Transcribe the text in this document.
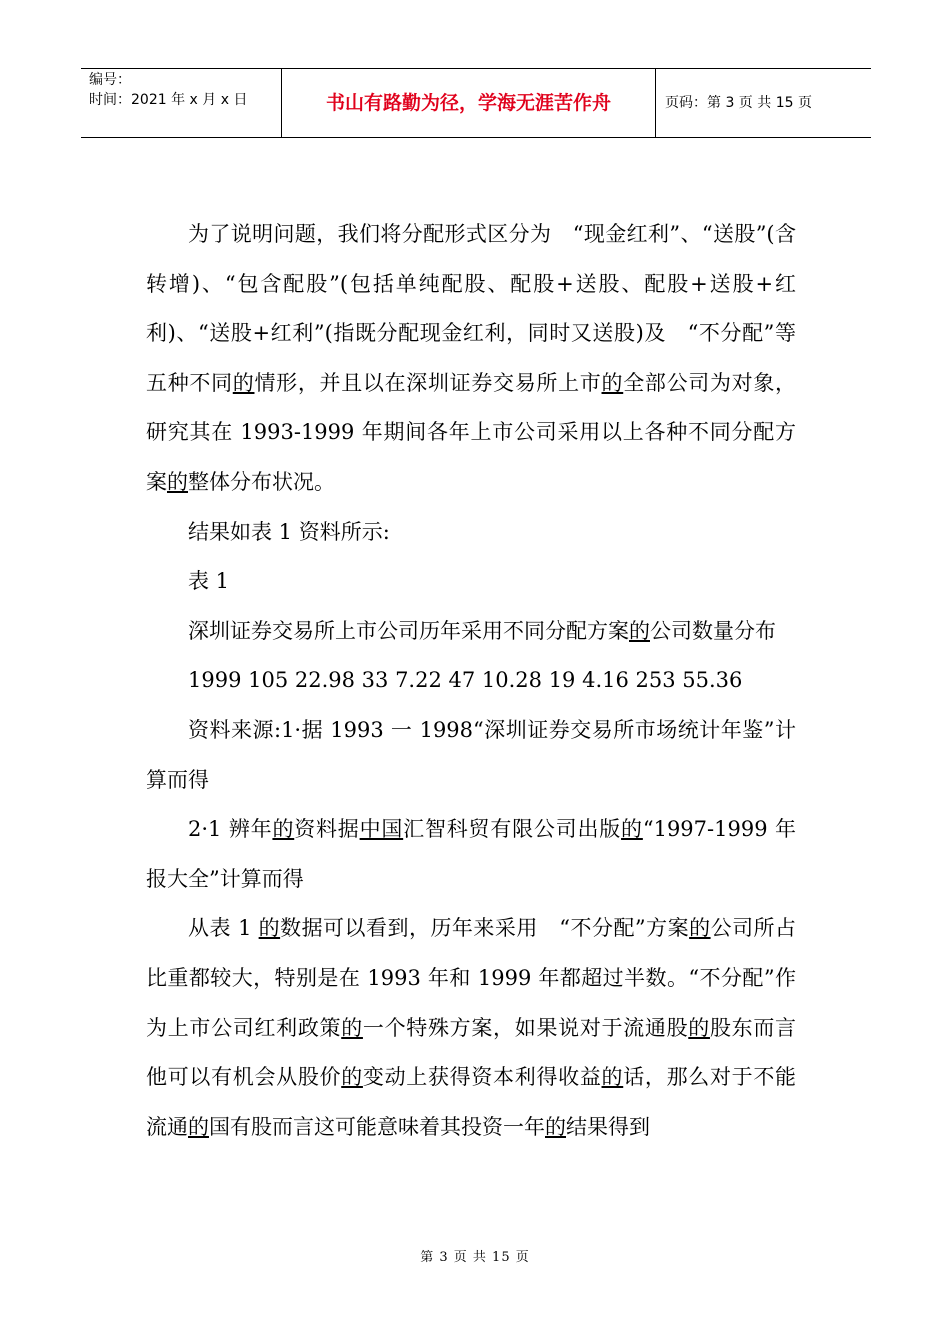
编号：
时间：2021 年 x 月 x 日	书山有路勤为径，学海无涯苦作舟	页码：第 3 页 共 15 页

为了说明问题，我们将分配形式区分为　“现金红利”、“送股”(含转增)、“包含配股”(包括单纯配股、配股+送股、配股+送股+红利)、“送股+红利”(指既分配现金红利，同时又送股)及　“不分配”等五种不同的情形，并且以在深圳证券交易所上市的全部公司为对象，研究其在 1993-1999 年期间各年上市公司采用以上各种不同分配方案的整体分布状况。

结果如表 1 资料所示:

表 1

深圳证券交易所上市公司历年采用不同分配方案的公司数量分布

1999 105 22.98 33 7.22 47 10.28 19 4.16 253 55.36

资料来源:1·据 1993 一 1998“深圳证券交易所市场统计年鉴”计算而得

2·1 辨年的资料据中国汇智科贸有限公司出版的“1997-1999 年报大全”计算而得

从表 1 的数据可以看到，历年来采用　“不分配”方案的公司所占比重都较大，特别是在 1993 年和 1999 年都超过半数。“不分配”作为上市公司红利政策的一个特殊方案，如果说对于流通股的股东而言他可以有机会从股价的变动上获得资本利得收益的话，那么对于不能流通的国有股而言这可能意味着其投资一年的结果得到

第 3 页 共 15 页
